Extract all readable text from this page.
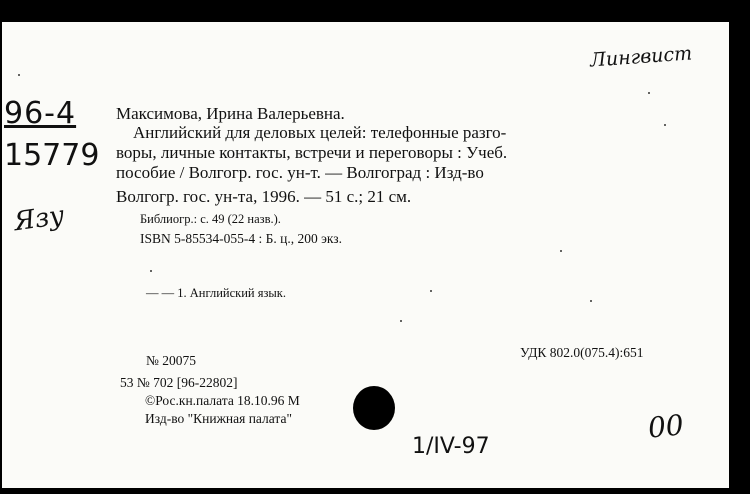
Лингвист
96-4
15779
Язу
1/IV-97
00
Максимова, Ирина Валерьевна.
Английский для деловых целей: телефонные разго-
воры, личные контакты, встречи и переговоры : Учеб.
пособие / Волгогр. гос. ун-т. — Волгоград : Изд-во
Волгогр. гос. ун-та, 1996. — 51 с.; 21 см.
Библиогр.: с. 49 (22 назв.).
ISBN 5-85534-055-4 : Б. ц., 200 экз.
— — 1. Английский язык.
№ 20075
УДК 802.0(075.4):651
53 № 702 [96-22802]
©Рос.кн.палата 18.10.96 М
Изд-во "Книжная палата"
